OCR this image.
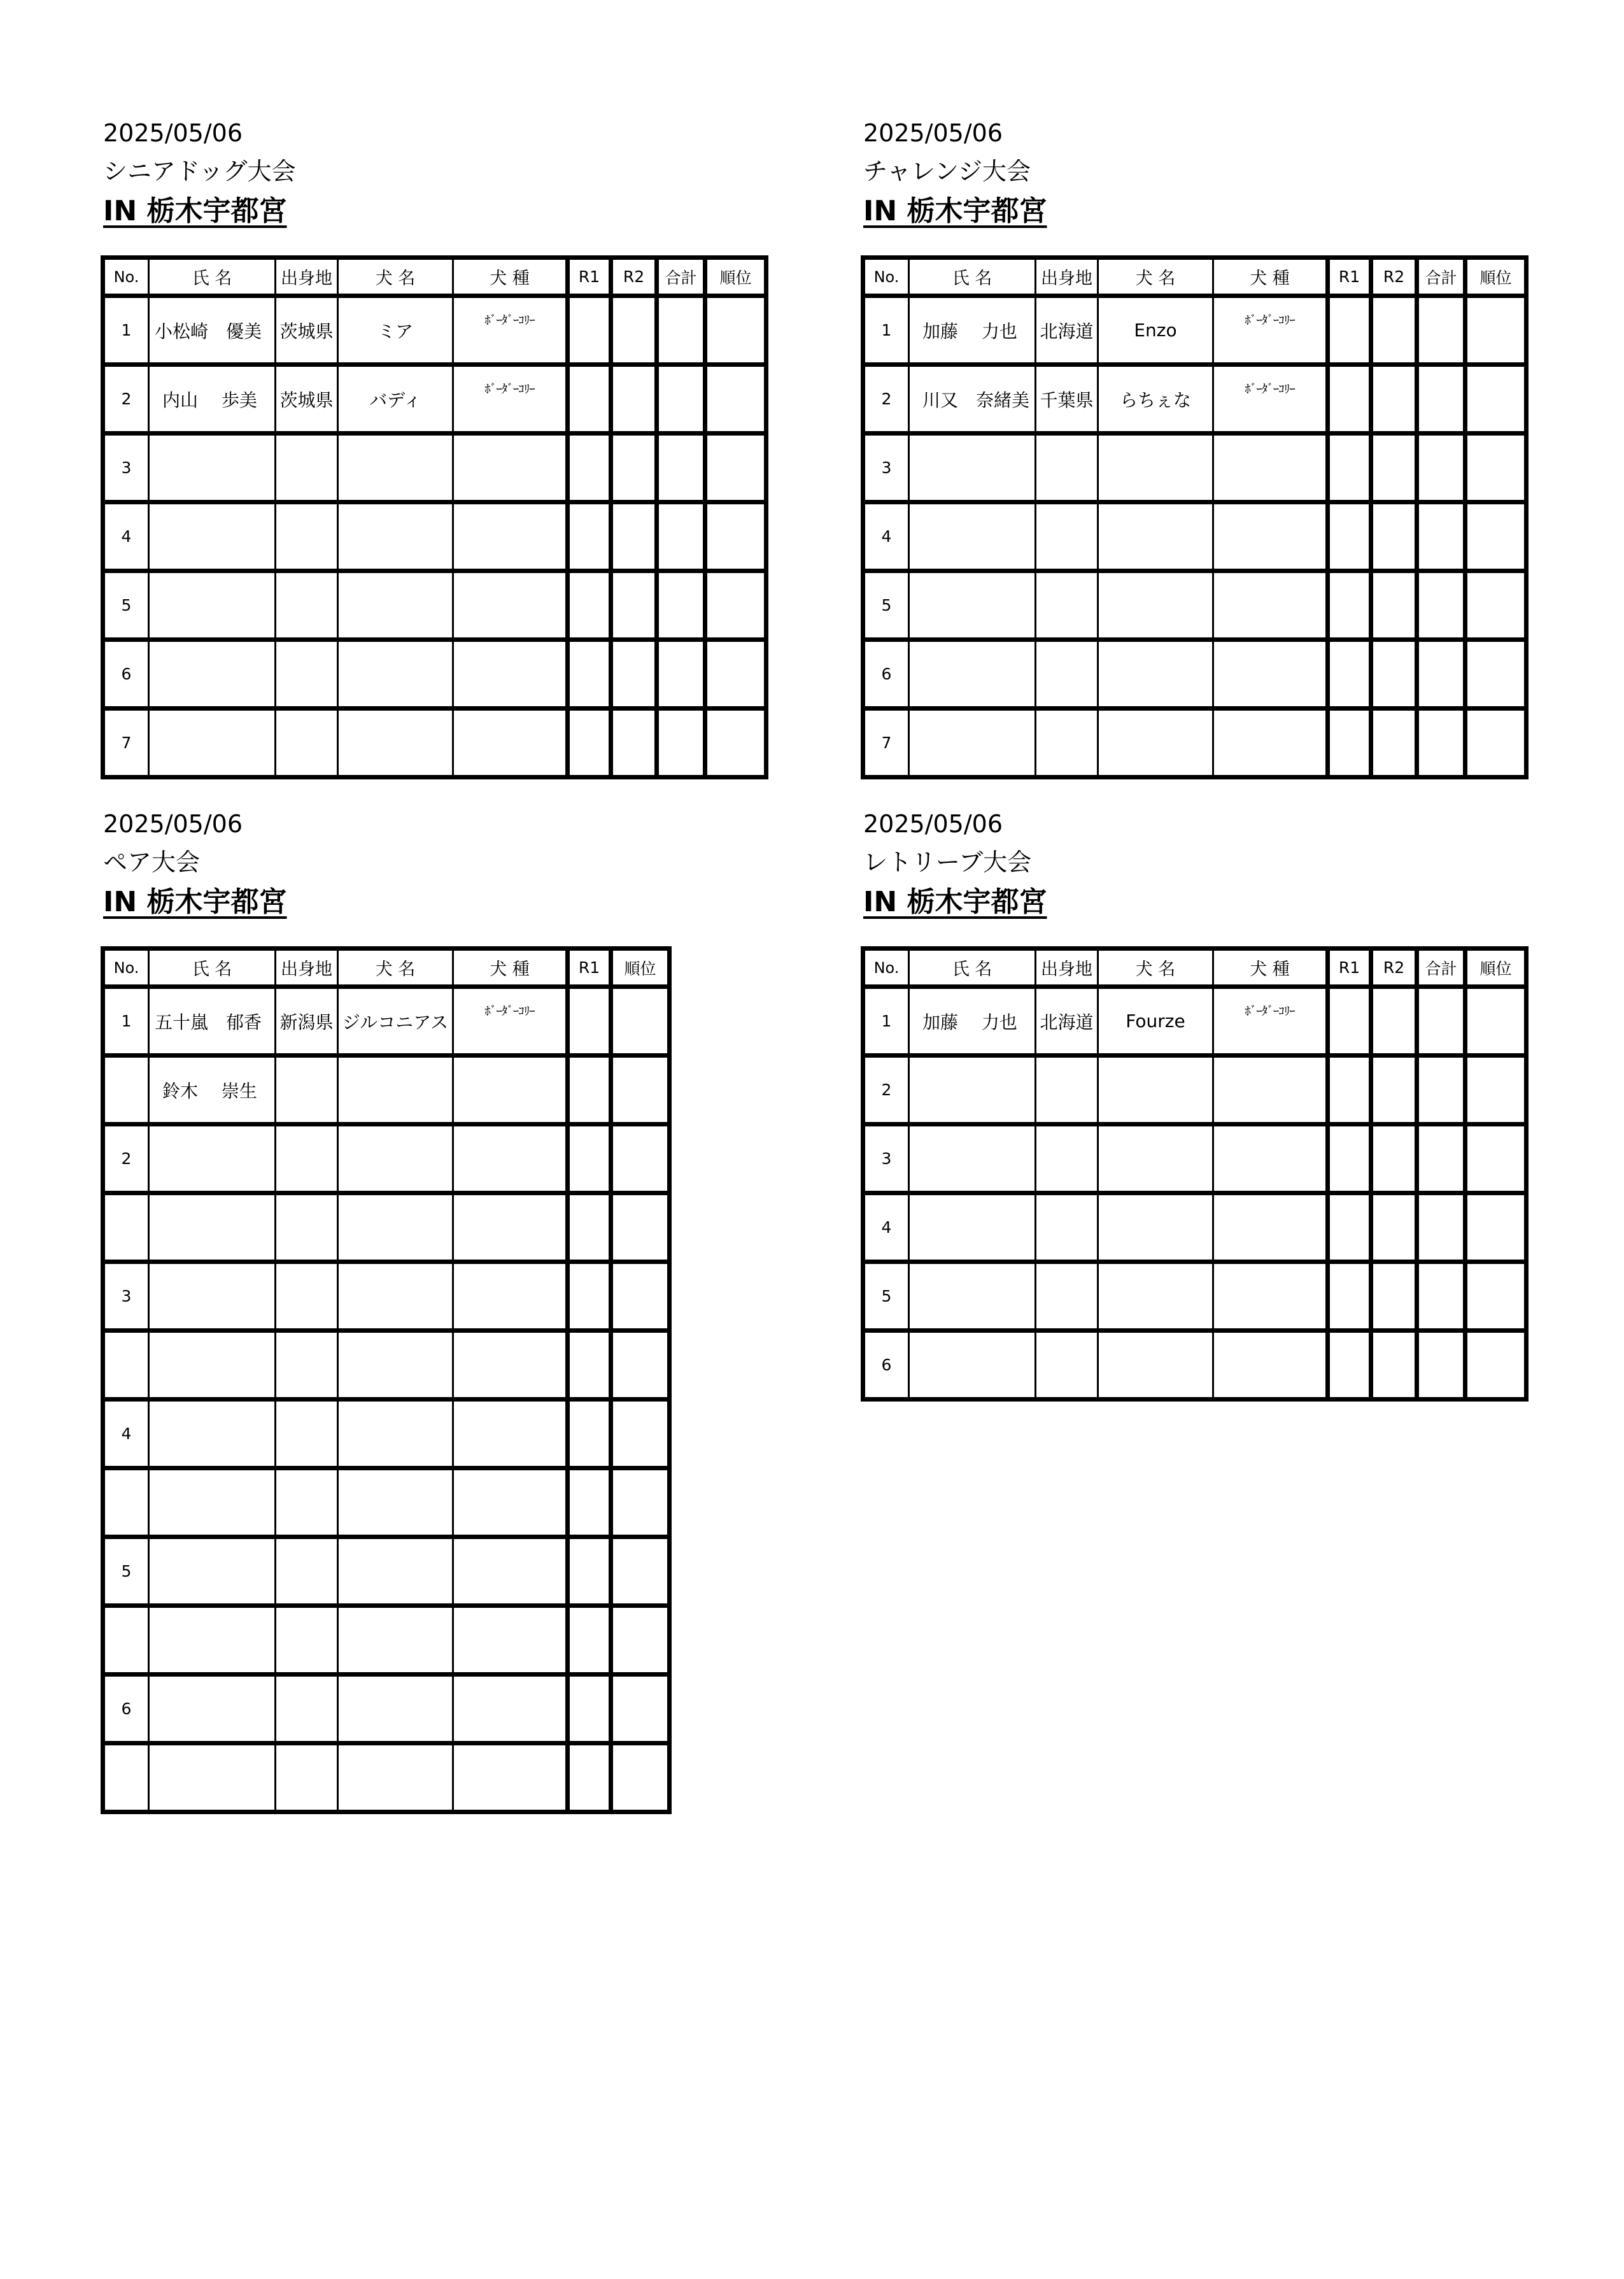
2025/05/06
シニアドッグ大会
IN 栃木宇都宮
No.	氏 名	出身地	犬 名	犬 種	R1	R2	合計	順位
1	小松崎　優美	茨城県	ミア	ﾎﾞｰﾀﾞｰｺﾘｰ				
2	内山　 歩美	茨城県	バディ	ﾎﾞｰﾀﾞｰｺﾘｰ				
3								
4								
5								
6								
7								
2025/05/06
チャレンジ大会
IN 栃木宇都宮
No.	氏 名	出身地	犬 名	犬 種	R1	R2	合計	順位
1	加藤　 力也	北海道	Enzo	ﾎﾞｰﾀﾞｰｺﾘｰ				
2	川又　奈緒美	千葉県	らちぇな	ﾎﾞｰﾀﾞｰｺﾘｰ				
3								
4								
5								
6								
7								
2025/05/06
ペア大会
IN 栃木宇都宮
No.	氏 名	出身地	犬 名	犬 種	R1	順位
1	五十嵐　郁香	新潟県	ジルコニアス	ﾎﾞｰﾀﾞｰｺﾘｰ		
	鈴木　 崇生					
2						

3						

4						

5						

6						

2025/05/06
レトリーブ大会
IN 栃木宇都宮
No.	氏 名	出身地	犬 名	犬 種	R1	R2	合計	順位
1	加藤　 力也	北海道	Fourze	ﾎﾞｰﾀﾞｰｺﾘｰ				
2								
3								
4								
5								
6								
